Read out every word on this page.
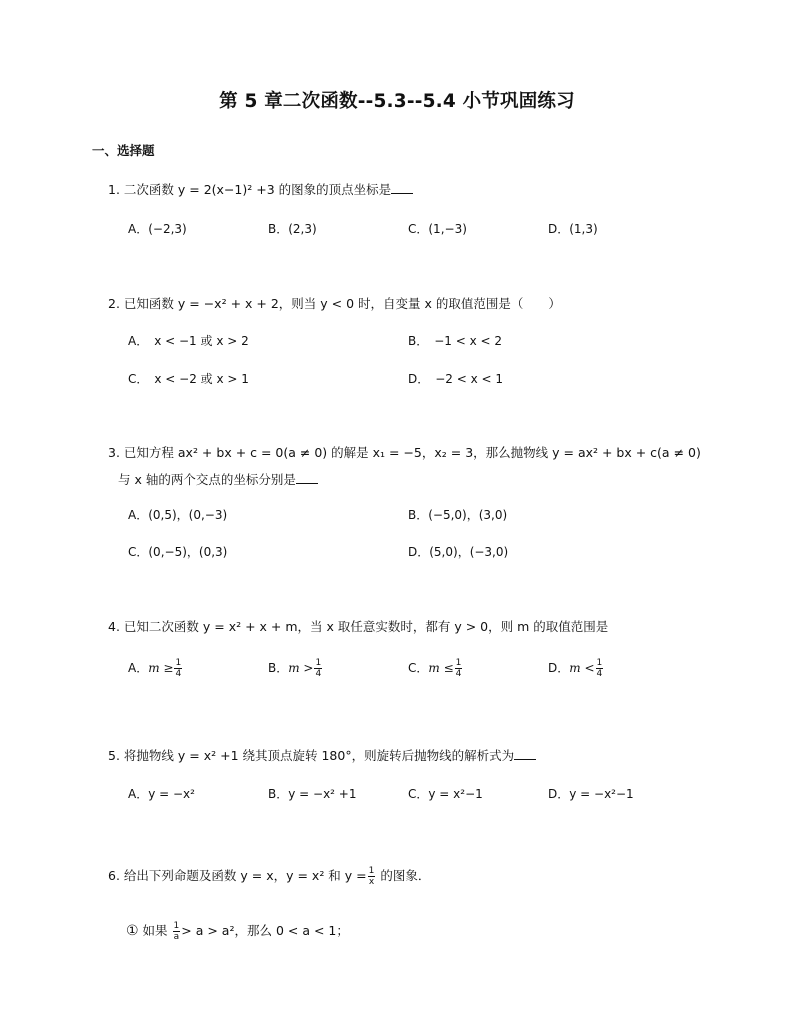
第 5 章二次函数--5.3--5.4 小节巩固练习
一、选择题
1. 二次函数 y = 2(x−1)² +3 的图象的顶点坐标是
A．(−2,3)	B．(2,3)	C．(1,−3)	D．(1,3)
2. 已知函数 y = −x² + x + 2，则当 y < 0 时，自变量 x 的取值范围是（　　）
A．　x < −1 或 x > 2	B．　−1 < x < 2
C．　x < −2 或 x > 1	D．　−2 < x < 1
3. 已知方程 ax² + bx + c = 0(a ≠ 0) 的解是 x₁ = −5，x₂ = 3，那么抛物线 y = ax² + bx + c(a ≠ 0)
与 x 轴的两个交点的坐标分别是
A．(0,5)，(0,−3)	B．(−5,0)，(3,0)
C．(0,−5)，(0,3)	D．(5,0)，(−3,0)
4. 已知二次函数 y = x² + x + m，当 x 取任意实数时，都有 y > 0，则 m 的取值范围是
A．$m \ge \frac{1}{4}$	B．$m > \frac{1}{4}$	C．$m \le \frac{1}{4}$	D．$m < \frac{1}{4}$
5. 将抛物线 y = x² +1 绕其顶点旋转 180°，则旋转后抛物线的解析式为
A．y = −x²	B．y = −x² +1	C．y = x²−1	D．y = −x²−1
6. 给出下列命题及函数 y = x，y = x² 和 $y = \frac{1}{x}$ 的图象．
① 如果 $\frac{1}{a} > a > a^2$，那么 0 < a < 1；
